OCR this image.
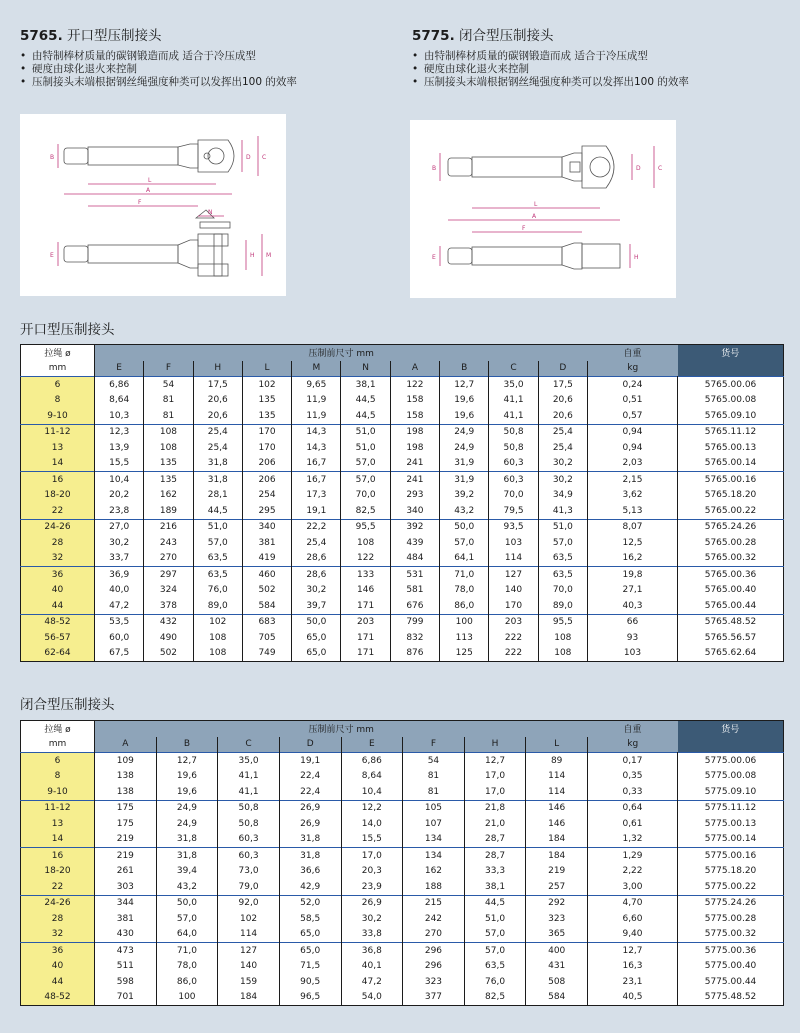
5765. 开口型压制接头
• 由特制棒材质量的碳钢锻造而成 适合于冷压成型
• 硬度由球化退火来控制
• 压制接头末端根据钢丝绳强度种类可以发挥出100 的效率
5775. 闭合型压制接头
• 由特制棒材质量的碳钢锻造而成 适合于冷压成型
• 硬度由球化退火来控制
• 压制接头末端根据钢丝绳强度种类可以发挥出100 的效率
B	D C
L
A
F
N
E	H M
B	D	C
L
A
F
E	H
开口型压制接头
拉绳 ø	压制前尺寸 mm										自重	货号
mm	E	F	H	L	M	N	A	B	C	D	kg	
6	6,86	54	17,5	102	9,65	38,1	122	12,7	35,0	17,5	0,24	5765.00.06
8	8,64	81	20,6	135	11,9	44,5	158	19,6	41,1	20,6	0,51	5765.00.08
9-10	10,3	81	20,6	135	11,9	44,5	158	19,6	41,1	20,6	0,57	5765.09.10
11-12	12,3	108	25,4	170	14,3	51,0	198	24,9	50,8	25,4	0,94	5765.11.12
13	13,9	108	25,4	170	14,3	51,0	198	24,9	50,8	25,4	0,94	5765.00.13
14	15,5	135	31,8	206	16,7	57,0	241	31,9	60,3	30,2	2,03	5765.00.14
16	10,4	135	31,8	206	16,7	57,0	241	31,9	60,3	30,2	2,15	5765.00.16
18-20	20,2	162	28,1	254	17,3	70,0	293	39,2	70,0	34,9	3,62	5765.18.20
22	23,8	189	44,5	295	19,1	82,5	340	43,2	79,5	41,3	5,13	5765.00.22
24-26	27,0	216	51,0	340	22,2	95,5	392	50,0	93,5	51,0	8,07	5765.24.26
28	30,2	243	57,0	381	25,4	108	439	57,0	103	57,0	12,5	5765.00.28
32	33,7	270	63,5	419	28,6	122	484	64,1	114	63,5	16,2	5765.00.32
36	36,9	297	63,5	460	28,6	133	531	71,0	127	63,5	19,8	5765.00.36
40	40,0	324	76,0	502	30,2	146	581	78,0	140	70,0	27,1	5765.00.40
44	47,2	378	89,0	584	39,7	171	676	86,0	170	89,0	40,3	5765.00.44
48-52	53,5	432	102	683	50,0	203	799	100	203	95,5	66	5765.48.52
56-57	60,0	490	108	705	65,0	171	832	113	222	108	93	5765.56.57
62-64	67,5	502	108	749	65,0	171	876	125	222	108	103	5765.62.64
闭合型压制接头
拉绳 ø	压制前尺寸 mm								自重	货号
mm	A	B	C	D	E	F	H	L	kg	
6	109	12,7	35,0	19,1	6,86	54	12,7	89	0,17	5775.00.06
8	138	19,6	41,1	22,4	8,64	81	17,0	114	0,35	5775.00.08
9-10	138	19,6	41,1	22,4	10,4	81	17,0	114	0,33	5775.09.10
11-12	175	24,9	50,8	26,9	12,2	105	21,8	146	0,64	5775.11.12
13	175	24,9	50,8	26,9	14,0	107	21,0	146	0,61	5775.00.13
14	219	31,8	60,3	31,8	15,5	134	28,7	184	1,32	5775.00.14
16	219	31,8	60,3	31,8	17,0	134	28,7	184	1,29	5775.00.16
18-20	261	39,4	73,0	36,6	20,3	162	33,3	219	2,22	5775.18.20
22	303	43,2	79,0	42,9	23,9	188	38,1	257	3,00	5775.00.22
24-26	344	50,0	92,0	52,0	26,9	215	44,5	292	4,70	5775.24.26
28	381	57,0	102	58,5	30,2	242	51,0	323	6,60	5775.00.28
32	430	64,0	114	65,0	33,8	270	57,0	365	9,40	5775.00.32
36	473	71,0	127	65,0	36,8	296	57,0	400	12,7	5775.00.36
40	511	78,0	140	71,5	40,1	296	63,5	431	16,3	5775.00.40
44	598	86,0	159	90,5	47,2	323	76,0	508	23,1	5775.00.44
48-52	701	100	184	96,5	54,0	377	82,5	584	40,5	5775.48.52
